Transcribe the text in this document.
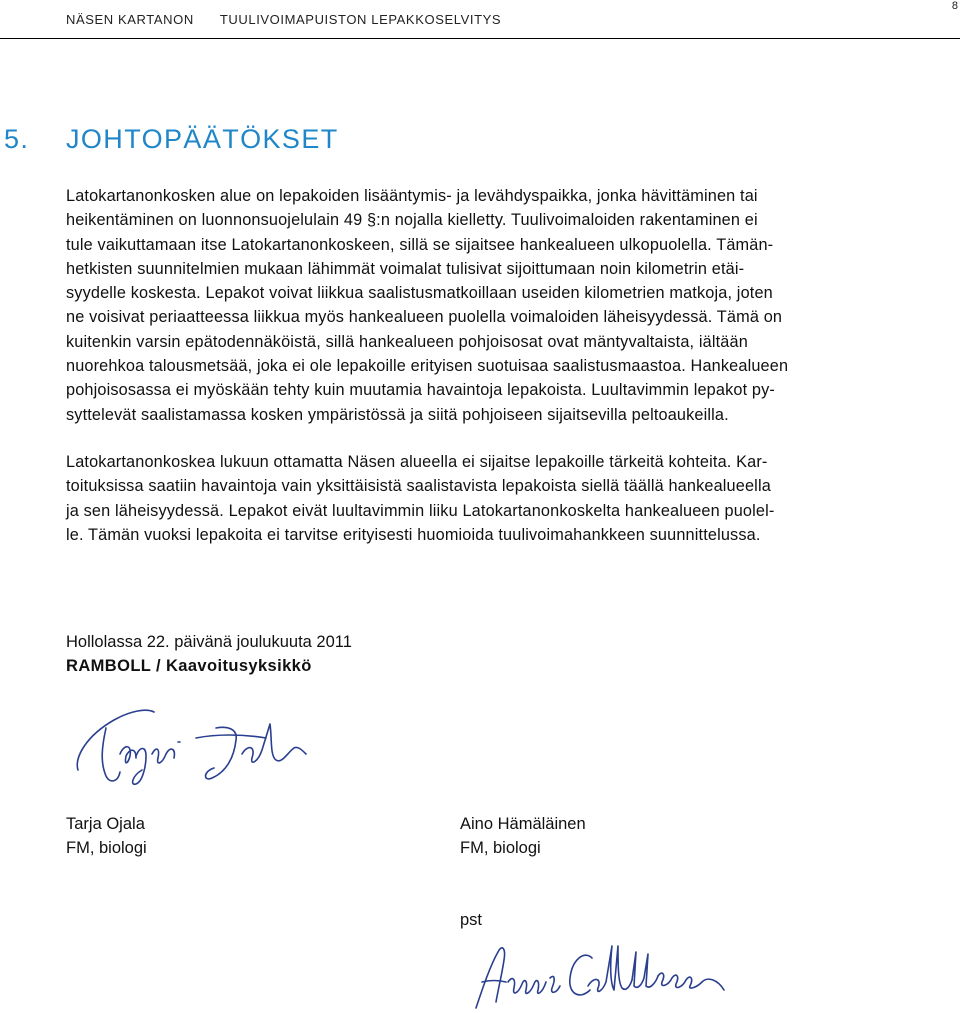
NÄSEN KARTANON TUULIVOIMAPUISTON LEPAKKOSELVITYS
8
5. JOHTOPÄÄTÖKSET
Latokartanonkosken alue on lepakoiden lisääntymis- ja levähdyspaikka, jonka hävittäminen tai
heikentäminen on luonnonsuojelulain 49 §:n nojalla kielletty. Tuulivoimaloiden rakentaminen ei
tule vaikuttamaan itse Latokartanonkoskeen, sillä se sijaitsee hankealueen ulkopuolella. Tämän-
hetkisten suunnitelmien mukaan lähimmät voimalat tulisivat sijoittumaan noin kilometrin etäi-
syydelle koskesta. Lepakot voivat liikkua saalistusmatkoillaan useiden kilometrien matkoja, joten
ne voisivat periaatteessa liikkua myös hankealueen puolella voimaloiden läheisyydessä. Tämä on
kuitenkin varsin epätodennäköistä, sillä hankealueen pohjoisosat ovat mäntyvaltaista, iältään
nuorehkoa talousmetsää, joka ei ole lepakoille erityisen suotuisaa saalistusmaastoa. Hankealueen
pohjoisosassa ei myöskään tehty kuin muutamia havaintoja lepakoista. Luultavimmin lepakot py-
syttelevät saalistamassa kosken ympäristössä ja siitä pohjoiseen sijaitsevilla peltoaukeilla.
Latokartanonkoskea lukuun ottamatta Näsen alueella ei sijaitse lepakoille tärkeitä kohteita. Kar-
toituksissa saatiin havaintoja vain yksittäisistä saalistavista lepakoista siellä täällä hankealueella
ja sen läheisyydessä. Lepakot eivät luultavimmin liiku Latokartanonkoskelta hankealueen puolel-
le. Tämän vuoksi lepakoita ei tarvitse erityisesti huomioida tuulivoimahankkeen suunnittelussa.
Hollolassa 22. päivänä joulukuuta 2011
RAMBOLL / Kaavoitusyksikkö
Tarja Ojala
FM, biologi
Aino Hämäläinen
FM, biologi
pst
